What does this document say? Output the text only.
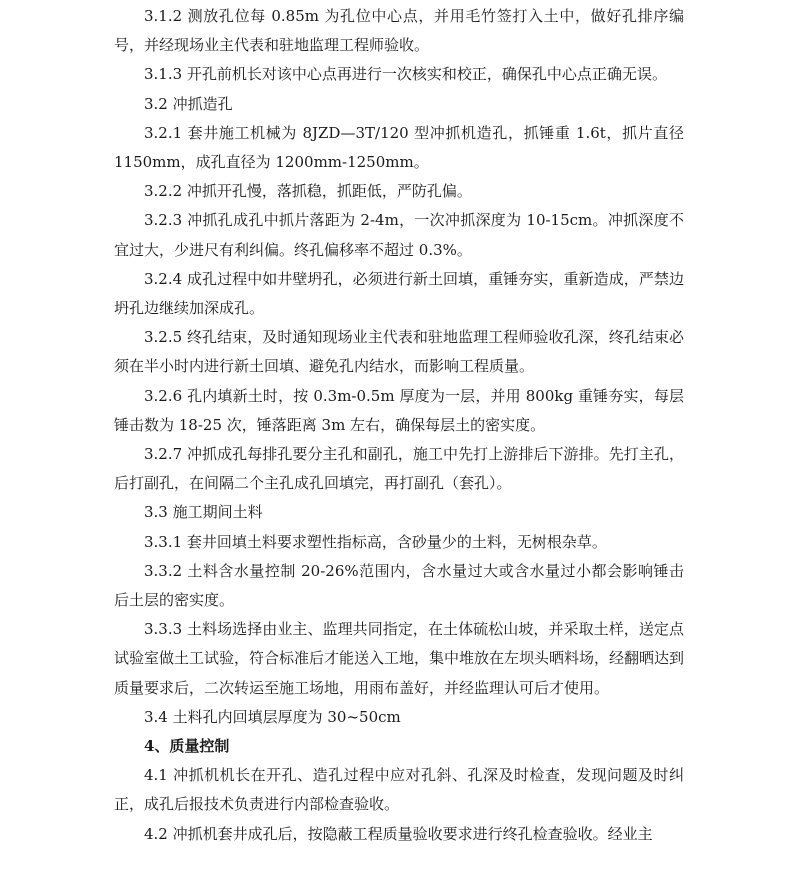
3.1.2 测放孔位每 0.85m 为孔位中心点，并用毛竹签打入土中，做好孔排序编号，并经现场业主代表和驻地监理工程师验收。

3.1.3 开孔前机长对该中心点再进行一次核实和校正，确保孔中心点正确无误。

3.2 冲抓造孔

3.2.1 套井施工机械为 8JZD—3T/120 型冲抓机造孔，抓锤重 1.6t，抓片直径 1150mm，成孔直径为 1200mm-1250mm。

3.2.2 冲抓开孔慢，落抓稳，抓距低，严防孔偏。

3.2.3 冲抓孔成孔中抓片落距为 2-4m，一次冲抓深度为 10-15cm。冲抓深度不宜过大，少进尺有利纠偏。终孔偏移率不超过 0.3%。

3.2.4 成孔过程中如井壁坍孔，必须进行新土回填，重锤夯实，重新造成，严禁边坍孔边继续加深成孔。

3.2.5 终孔结束，及时通知现场业主代表和驻地监理工程师验收孔深，终孔结束必须在半小时内进行新土回填、避免孔内结水，而影响工程质量。

3.2.6 孔内填新土时，按 0.3m-0.5m 厚度为一层，并用 800kg 重锤夯实，每层锤击数为 18-25 次，锤落距离 3m 左右，确保每层土的密实度。

3.2.7 冲抓成孔每排孔要分主孔和副孔，施工中先打上游排后下游排。先打主孔，后打副孔，在间隔二个主孔成孔回填完，再打副孔（套孔）。

3.3 施工期间土料

3.3.1 套井回填土料要求塑性指标高，含砂量少的土料，无树根杂草。

3.3.2 土料含水量控制 20-26%范围内，含水量过大或含水量过小都会影响锤击后土层的密实度。

3.3.3 土料场选择由业主、监理共同指定，在土体硫松山坡，并采取土样，送定点试验室做土工试验，符合标准后才能送入工地，集中堆放在左坝头晒料场，经翻晒达到质量要求后，二次转运至施工场地，用雨布盖好，并经监理认可后才使用。

3.4 土料孔内回填层厚度为 30~50cm

4、质量控制

4.1 冲抓机机长在开孔、造孔过程中应对孔斜、孔深及时检查，发现问题及时纠正，成孔后报技术负责进行内部检查验收。

4.2 冲抓机套井成孔后，按隐蔽工程质量验收要求进行终孔检查验收。经业主
